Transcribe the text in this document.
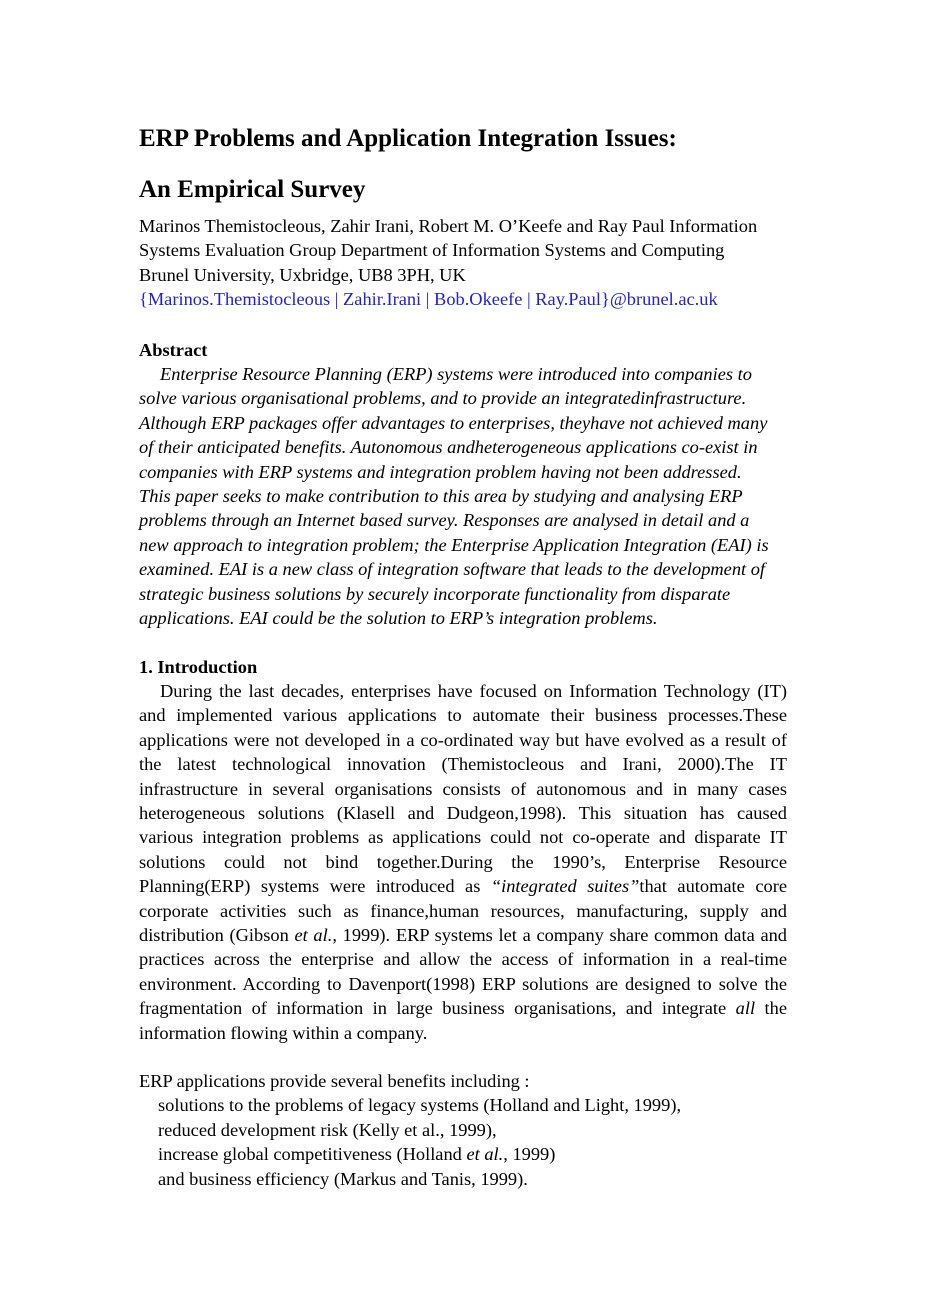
ERP Problems and Application Integration Issues:
An Empirical Survey
Marinos Themistocleous, Zahir Irani, Robert M. O’Keefe and Ray Paul Information
Systems Evaluation Group Department of Information Systems and Computing
Brunel University, Uxbridge, UB8 3PH, UK
{Marinos.Themistocleous | Zahir.Irani | Bob.Okeefe | Ray.Paul}@brunel.ac.uk
Abstract
Enterprise Resource Planning (ERP) systems were introduced into companies to
solve various organisational problems, and to provide an integratedinfrastructure.
Although ERP packages offer advantages to enterprises, theyhave not achieved many
of their anticipated benefits. Autonomous andheterogeneous applications co-exist in
companies with ERP systems and integration problem having not been addressed.
This paper seeks to make contribution to this area by studying and analysing ERP
problems through an Internet based survey. Responses are analysed in detail and a
new approach to integration problem; the Enterprise Application Integration (EAI) is
examined. EAI is a new class of integration software that leads to the development of
strategic business solutions by securely incorporate functionality from disparate
applications. EAI could be the solution to ERP’s integration problems.
1. Introduction
During the last decades, enterprises have focused on Information Technology (IT)
and implemented various applications to automate their business processes.These
applications were not developed in a co-ordinated way but have evolved as a result of
the latest technological innovation (Themistocleous and Irani, 2000).The IT
infrastructure in several organisations consists of autonomous and in many cases
heterogeneous solutions (Klasell and Dudgeon,1998). This situation has caused
various integration problems as applications could not co-operate and disparate IT
solutions could not bind together.During the 1990’s, Enterprise Resource
Planning(ERP) systems were introduced as “integrated suites”that automate core
corporate activities such as finance,human resources, manufacturing, supply and
distribution (Gibson et al., 1999). ERP systems let a company share common data and
practices across the enterprise and allow the access of information in a real-time
environment. According to Davenport(1998) ERP solutions are designed to solve the
fragmentation of information in large business organisations, and integrate all the
information flowing within a company.
ERP applications provide several benefits including :
solutions to the problems of legacy systems (Holland and Light, 1999),
reduced development risk (Kelly et al., 1999),
increase global competitiveness (Holland et al., 1999)
and business efficiency (Markus and Tanis, 1999).
